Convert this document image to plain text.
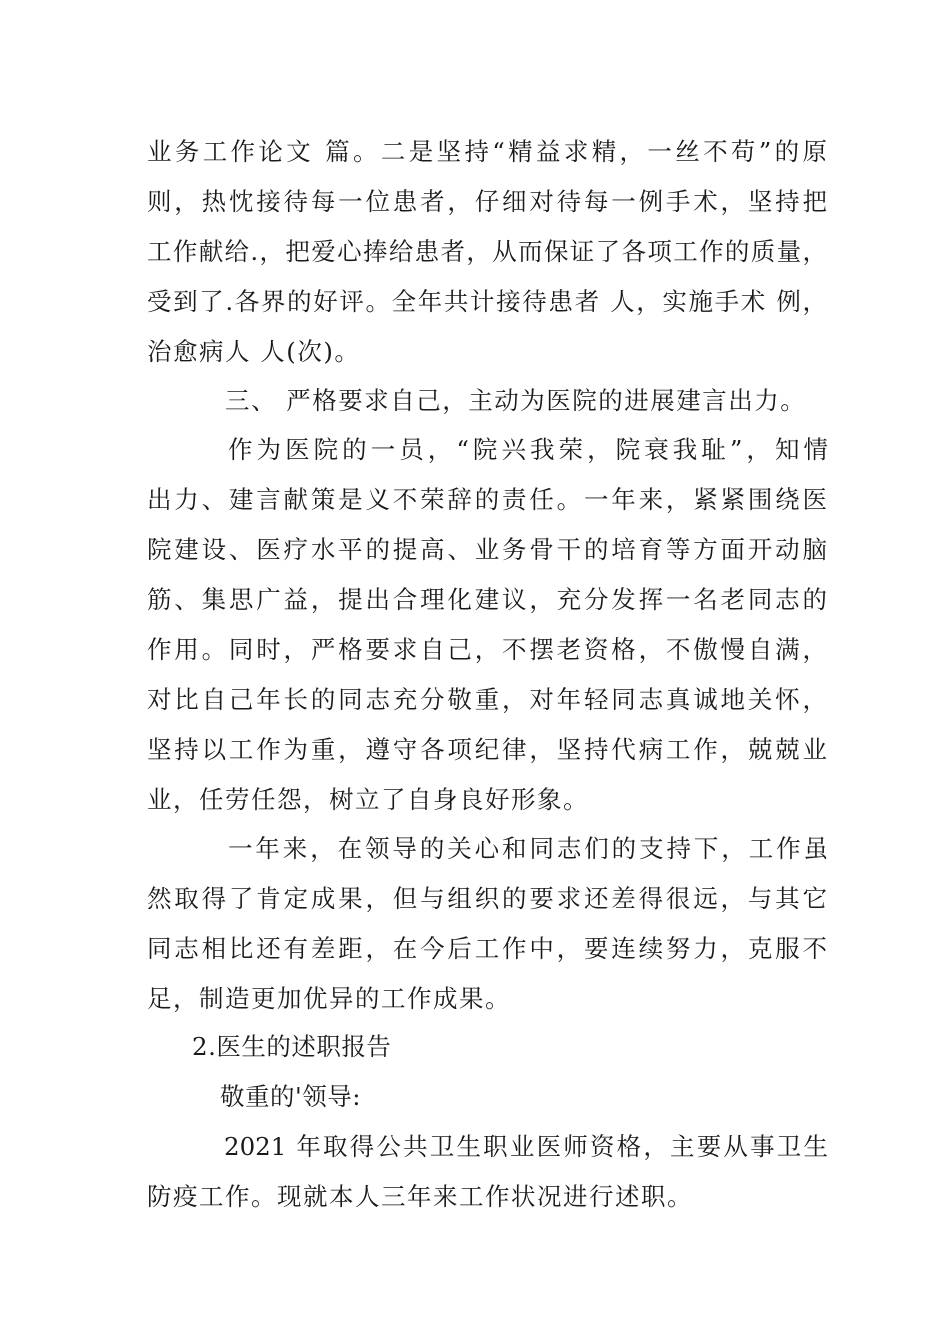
业务工作论文 篇。二是坚持“精益求精，一丝不苟”的原
则，热忱接待每一位患者，仔细对待每一例手术，坚持把
工作献给.，把爱心捧给患者，从而保证了各项工作的质量，
受到了.各界的好评。全年共计接待患者 人，实施手术 例，
治愈病人 人(次)。
三、 严格要求自己，主动为医院的进展建言出力。
作为医院的一员，“院兴我荣，院衰我耻”，知情
出力、建言献策是义不荣辞的责任。一年来，紧紧围绕医
院建设、医疗水平的提高、业务骨干的培育等方面开动脑
筋、集思广益，提出合理化建议，充分发挥一名老同志的
作用。同时，严格要求自己，不摆老资格，不傲慢自满，
对比自己年长的同志充分敬重，对年轻同志真诚地关怀，
坚持以工作为重，遵守各项纪律，坚持代病工作，兢兢业
业，任劳任怨，树立了自身良好形象。
一年来，在领导的关心和同志们的支持下，工作虽
然取得了肯定成果，但与组织的要求还差得很远，与其它
同志相比还有差距，在今后工作中，要连续努力，克服不
足，制造更加优异的工作成果。
2.医生的述职报告
敬重的'领导:
2021 年取得公共卫生职业医师资格，主要从事卫生
防疫工作。现就本人三年来工作状况进行述职。
